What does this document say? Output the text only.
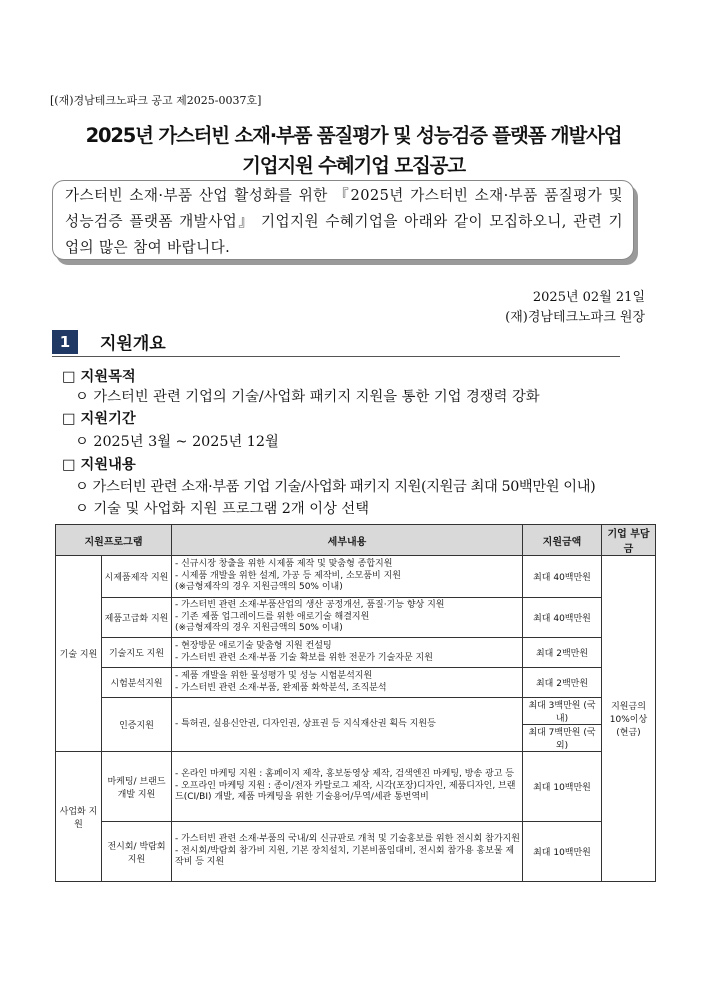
[(재)경남테크노파크 공고 제2025-0037호]
2025년 가스터빈 소재·부품 품질평가 및 성능검증 플랫폼 개발사업
기업지원 수혜기업 모집공고
가스터빈 소재·부품 산업 활성화를 위한 『2025년 가스터빈 소재·부품 품질평가 및 성능검증 플랫폼 개발사업』 기업지원 수혜기업을 아래와 같이 모집하오니, 관련 기업의 많은 참여 바랍니다.
2025년 02월 21일
(재)경남테크노파크 원장
1	지원개요
□ 지원목적
ㅇ 가스터빈 관련 기업의 기술/사업화 패키지 지원을 통한 기업 경쟁력 강화
□ 지원기간
ㅇ 2025년 3월 ~ 2025년 12월
□ 지원내용
ㅇ 가스터빈 관련 소재·부품 기업 기술/사업화 패키지 지원(지원금 최대 50백만원 이내)
ㅇ 기술 및 사업화 지원 프로그램 2개 이상 선택
지원프로그램		세부내용	지원금액	기업 부담금
기술 지원	시제품제작 지원	- 신규시장 창출을 위한 시제품 제작 및 맞춤형 종합지원
- 시제품 개발을 위한 설계, 가공 등 제작비, 소모품비 지원
(※금형제작의 경우 지원금액의 50% 이내)	최대 40백만원	지원금의 10%이상 (현금)
	제품고급화 지원	- 가스터빈 관련 소재·부품산업의 생산 공정개선, 품질·기능 향상 지원
- 기존 제품 업그레이드를 위한 애로기술 해결지원
(※금형제작의 경우 지원금액의 50% 이내)	최대 40백만원	
	기술지도 지원	- 현장방문 애로기술 맞춤형 지원 컨설팅
- 가스터빈 관련 소재·부품 기술 확보를 위한 전문가 기술자문 지원	최대 2백만원	
	시험분석지원	- 제품 개발을 위한 물성평가 및 성능 시험분석지원
- 가스터빈 관련 소재·부품, 완제품 화학분석, 조직분석	최대 2백만원	
	인증지원	- 특허권, 실용신안권, 디자인권, 상표권 등 지식재산권 획득 지원등	최대 3백만원 (국내)	
			최대 7백만원 (국외)	
사업화 지원	마케팅/ 브랜드개발 지원	- 온라인 마케팅 지원 : 홈페이지 제작, 홍보동영상 제작, 검색엔진 마케팅, 방송 광고 등
- 오프라인 마케팅 지원 : 종이/전자 카탈로그 제작, 시각(포장)디자인, 제품디자인, 브랜드(CI/BI) 개발, 제품 마케팅을 위한 기술용어/무역/세관 통번역비	최대 10백만원	
	전시회/ 박람회 지원	- 가스터빈 관련 소재·부품의 국내/외 신규판로 개척 및 기술홍보를 위한 전시회 참가지원
- 전시회/박람회 참가비 지원, 기본 장치설치, 기본비품임대비, 전시회 참가용 홍보물 제작비 등 지원	최대 10백만원	
